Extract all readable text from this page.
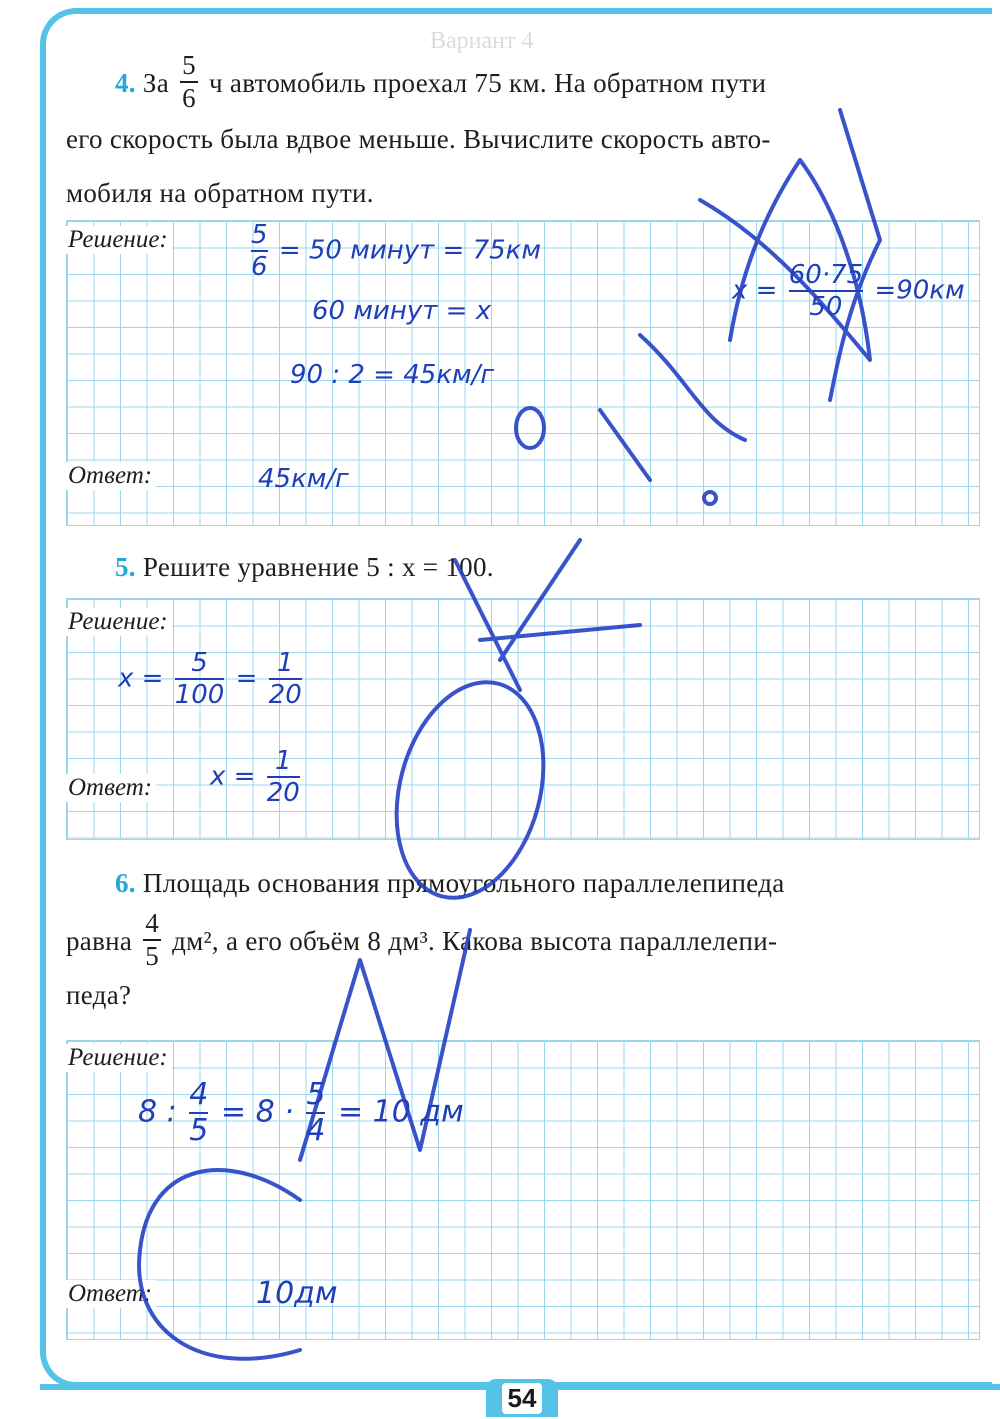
54
Вариант 4
4. За $\frac{5}{6}$ ч автомобиль проехал 75 км. На обратном пути
его скорость была вдвое меньше. Вычислите скорость авто-
мобиля на обратном пути.
Решение:
Ответ:
$\frac{5}{6} = 50$ минут = 75км
60 минут = x
$x = \frac{60\cdot 75}{50} =90км$
90 : 2 = 45км/г
45км/г
5. Решите уравнение 5 : x = 100.
Решение:
Ответ:
$x = \frac{5}{100} = \frac{1}{20}$
$x = \frac{1}{20}$
6. Площадь основания прямоугольного параллелепипеда
равна $\frac{4}{5} дм^2$, а его объём 8 дм³. Какова высота параллелепи-
педа?
Решение:
Ответ:
8 : $\frac{4}{5} = 8 \cdot \frac{5}{4} = 10$ дм
10дм
